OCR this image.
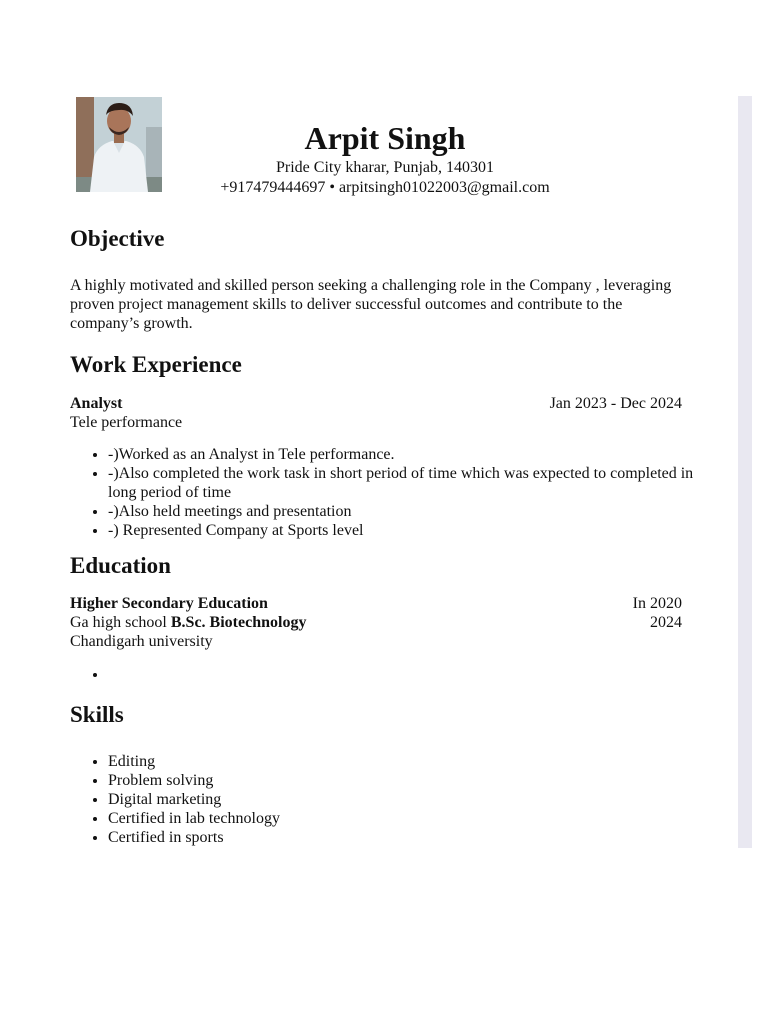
Arpit Singh

Pride City kharar, Punjab, 140301

+917479444697 • arpitsingh01022003@gmail.com

Objective
A highly motivated and skilled person seeking a challenging role in the Company , leveraging proven project management skills to deliver successful outcomes and contribute to the company’s growth.
Work Experience
Analyst	Jan 2023 - Dec 2024
Tele performance
• -)Worked as an Analyst in Tele performance.
• -)Also completed the work task in short period of time which was expected to completed in long period of time
• -)Also held meetings and presentation
• -) Represented Company at Sports level
Education
Higher Secondary Education	In 2020
Ga high school B.Sc. Biotechnology	2024
Chandigarh university
•
Skills
• Editing
• Problem solving
• Digital marketing
• Certified in lab technology
• Certified in sports
